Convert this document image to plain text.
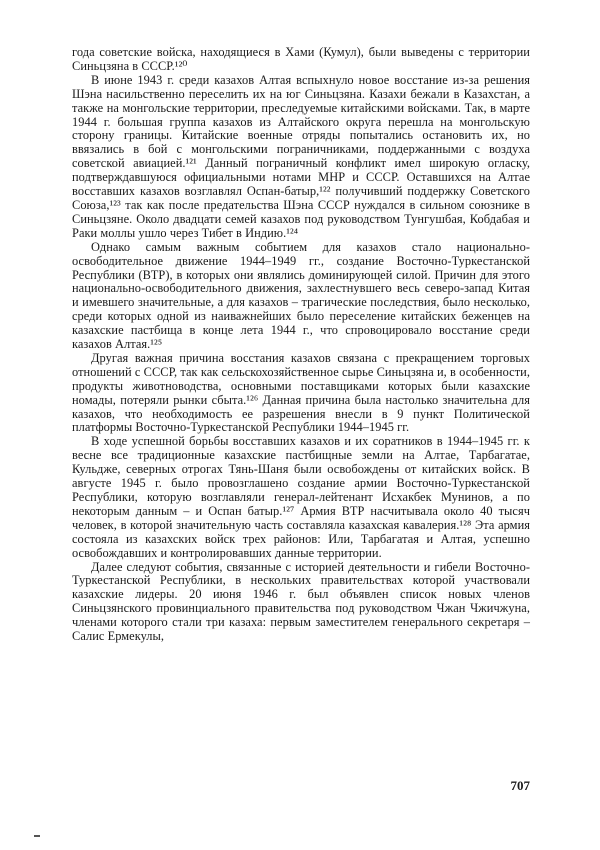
года советские войска, находящиеся в Хами (Кумул), были выведены с территории Синьцзяна в СССР.¹²⁰

В июне 1943 г. среди казахов Алтая вспыхнуло новое восстание из-за решения Шэна насильственно переселить их на юг Синьцзяна. Казахи бежали в Казахстан, а также на монгольские территории, преследуемые китайскими войсками. Так, в марте 1944 г. большая группа казахов из Алтайского округа перешла на монгольскую сторону границы. Китайские военные отряды попытались остановить их, но ввязались в бой с монгольскими пограничниками, поддержанными с воздуха советской авиацией.¹²¹ Данный пограничный конфликт имел широкую огласку, подтверждавшуюся официальными нотами МНР и СССР. Оставшихся на Алтае восставших казахов возглавлял Оспан-батыр,¹²² получивший поддержку Советского Союза,¹²³ так как после предательства Шэна СССР нуждался в сильном союзнике в Синьцзяне. Около двадцати семей казахов под руководством Тунгушбая, Кобдабая и Раки моллы ушло через Тибет в Индию.¹²⁴

Однако самым важным событием для казахов стало национально-освободительное движение 1944–1949 гг., создание Восточно-Туркестанской Республики (ВТР), в которых они являлись доминирующей силой. Причин для этого национально-освободительного движения, захлестнувшего весь северо-запад Китая и имевшего значительные, а для казахов – трагические последствия, было несколько, среди которых одной из наиважнейших было переселение китайских беженцев на казахские пастбища в конце лета 1944 г., что спровоцировало восстание среди казахов Алтая.¹²⁵

Другая важная причина восстания казахов связана с прекращением торговых отношений с СССР, так как сельскохозяйственное сырье Синьцзяна и, в особенности, продукты животноводства, основными поставщиками которых были казахские номады, потеряли рынки сбыта.¹²⁶ Данная причина была настолько значительна для казахов, что необходимость ее разрешения внесли в 9 пункт Политической платформы Восточно-Туркестанской Республики 1944–1945 гг.

В ходе успешной борьбы восставших казахов и их соратников в 1944–1945 гг. к весне все традиционные казахские пастбищные земли на Алтае, Тарбагатае, Кульдже, северных отрогах Тянь-Шаня были освобождены от китайских войск. В августе 1945 г. было провозглашено создание армии Восточно-Туркестанской Республики, которую возглавляли генерал-лейтенант Исхакбек Мунинов, а по некоторым данным – и Оспан батыр.¹²⁷ Армия ВТР насчитывала около 40 тысяч человек, в которой значительную часть составляла казахская кавалерия.¹²⁸ Эта армия состояла из казахских войск трех районов: Или, Тарбагатая и Алтая, успешно освобождавших и контролировавших данные территории.

Далее следуют события, связанные с историей деятельности и гибели Восточно-Туркестанской Республики, в нескольких правительствах которой участвовали казахские лидеры. 20 июня 1946 г. был объявлен список новых членов Синьцзянского провинциального правительства под руководством Чжан Чжичжуна, членами которого стали три казаха: первым заместителем генерального секретаря – Салис Ермекулы,

707
